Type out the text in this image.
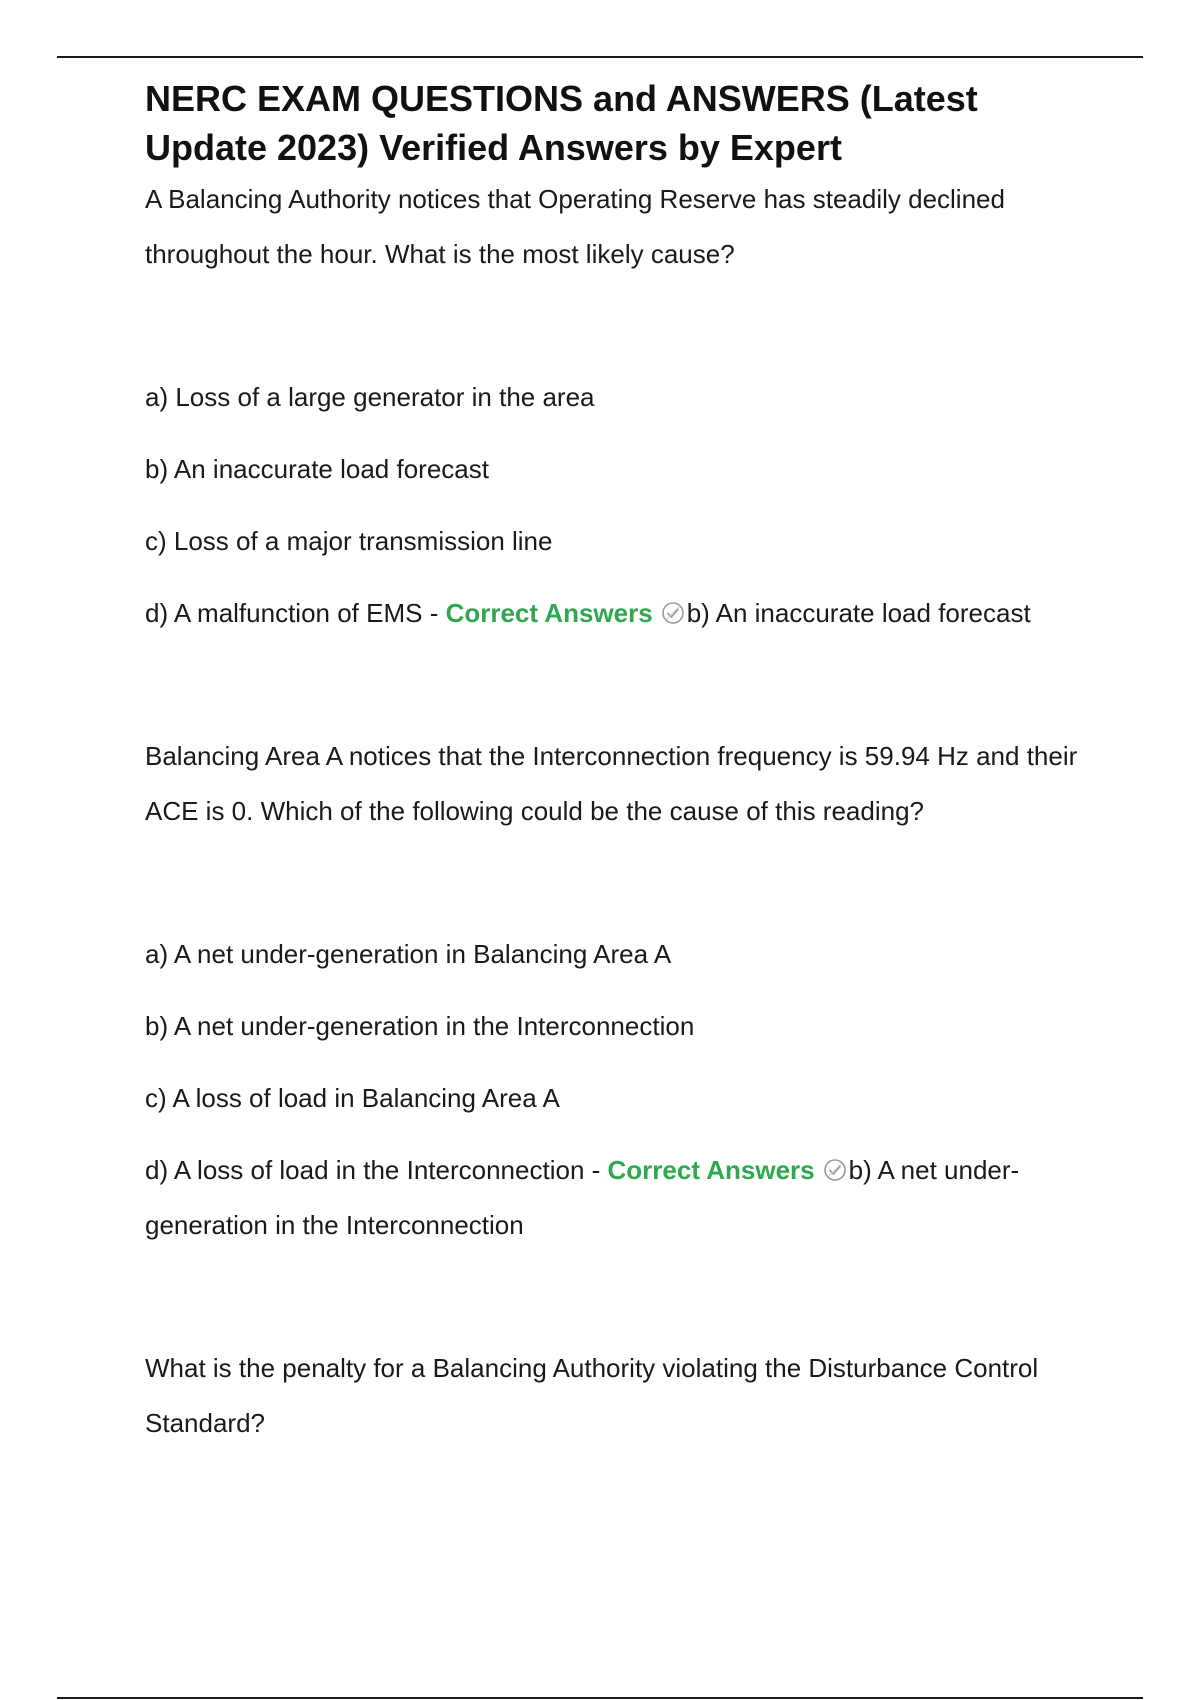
NERC EXAM QUESTIONS and ANSWERS (Latest Update 2023) Verified Answers by Expert

A Balancing Authority notices that Operating Reserve has steadily declined throughout the hour. What is the most likely cause?

a) Loss of a large generator in the area

b) An inaccurate load forecast

c) Loss of a major transmission line

d) A malfunction of EMS - Correct Answers b) An inaccurate load forecast

Balancing Area A notices that the Interconnection frequency is 59.94 Hz and their ACE is 0. Which of the following could be the cause of this reading?

a) A net under-generation in Balancing Area A

b) A net under-generation in the Interconnection

c) A loss of load in Balancing Area A

d) A loss of load in the Interconnection - Correct Answers b) A net under-generation in the Interconnection

What is the penalty for a Balancing Authority violating the Disturbance Control Standard?
